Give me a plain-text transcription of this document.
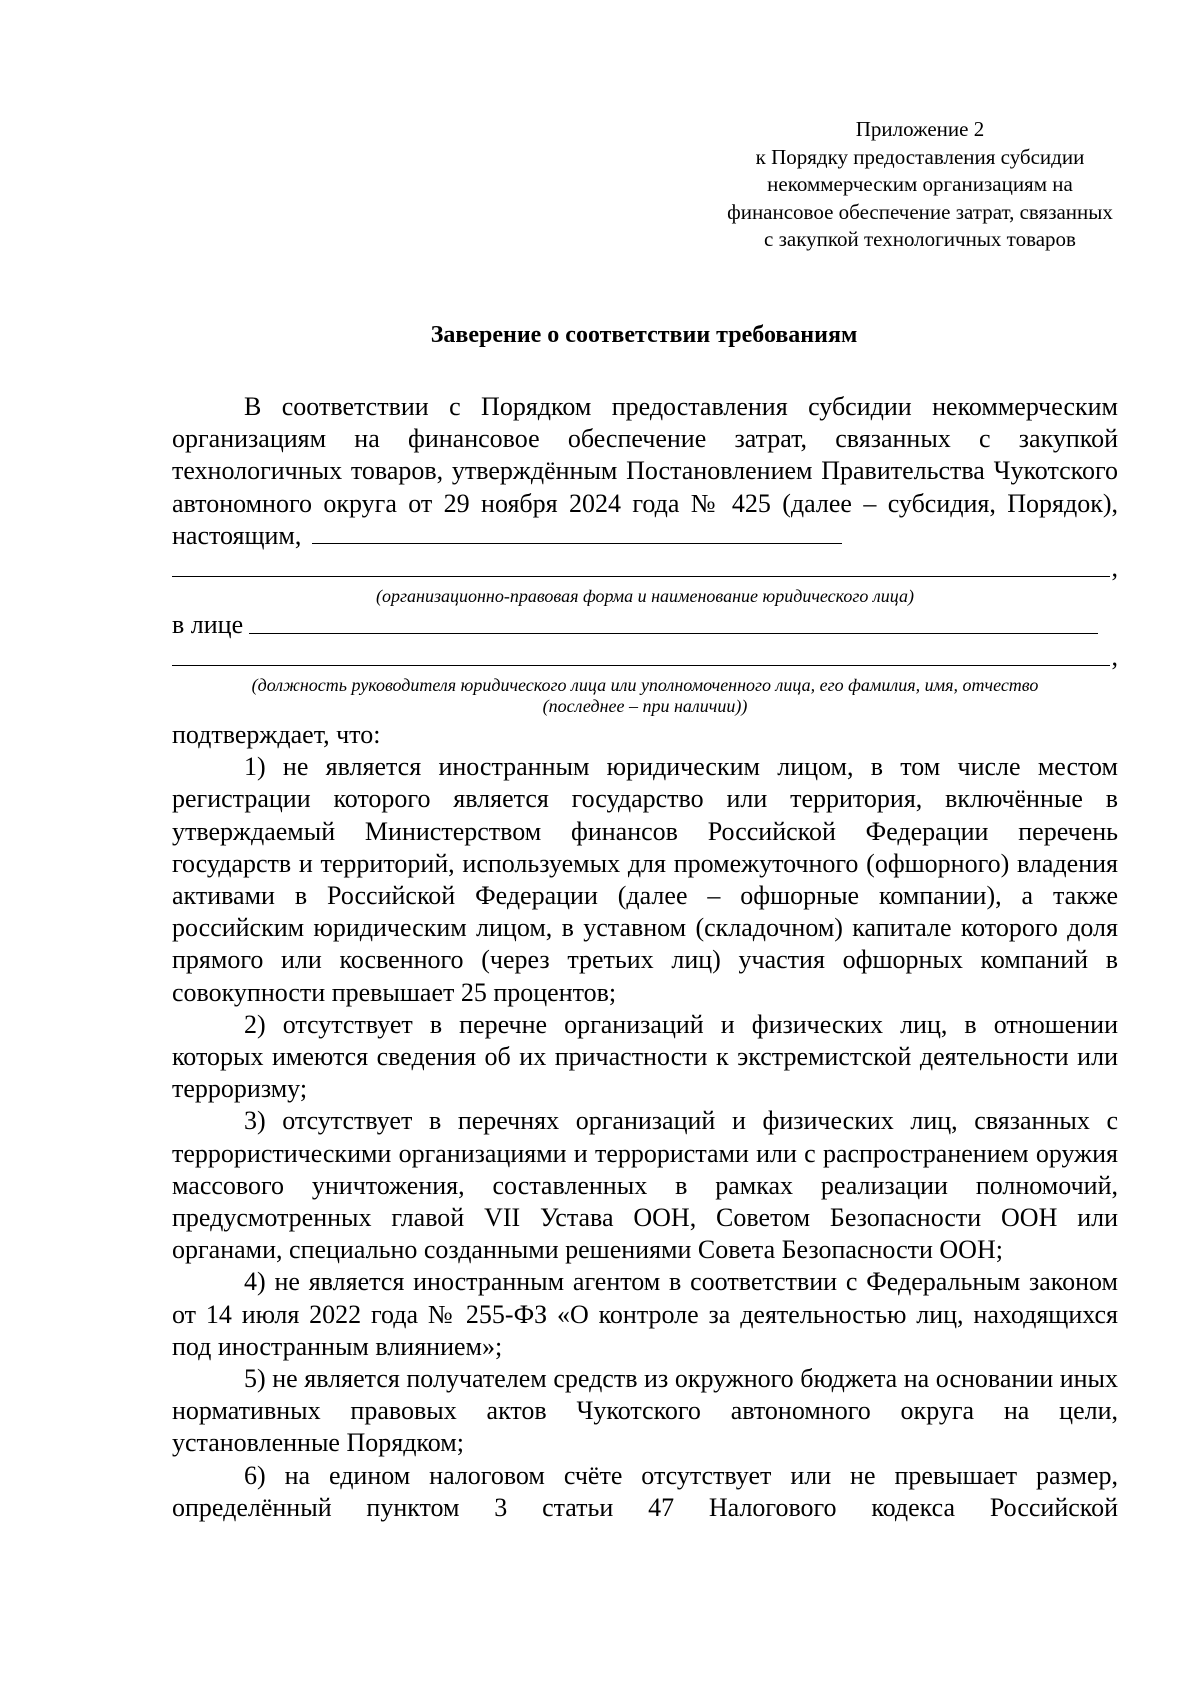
Приложение 2
к Порядку предоставления субсидии
некоммерческим организациям на
финансовое обеспечение затрат, связанных
с закупкой технологичных товаров
Заверение о соответствии требованиям

В соответствии с Порядком предоставления субсидии некоммерческим организациям на финансовое обеспечение затрат, связанных с закупкой технологичных товаров, утверждённым Постановлением Правительства Чукотского автономного округа от 29 ноября 2024 года № 425 (далее – субсидия, Порядок), настоящим,

,
(организационно-правовая форма и наименование юридического лица)
в лице
,
(должность руководителя юридического лица или уполномоченного лица, его фамилия, имя, отчество
(последнее – при наличии))

подтверждает, что:

1) не является иностранным юридическим лицом, в том числе местом регистрации которого является государство или территория, включённые в утверждаемый Министерством финансов Российской Федерации перечень государств и территорий, используемых для промежуточного (офшорного) владения активами в Российской Федерации (далее – офшорные компании), а также российским юридическим лицом, в уставном (складочном) капитале которого доля прямого или косвенного (через третьих лиц) участия офшорных компаний в совокупности превышает 25 процентов;

2) отсутствует в перечне организаций и физических лиц, в отношении которых имеются сведения об их причастности к экстремистской деятельности или терроризму;

3) отсутствует в перечнях организаций и физических лиц, связанных с террористическими организациями и террористами или с распространением оружия массового уничтожения, составленных в рамках реализации полномочий, предусмотренных главой VII Устава ООН, Советом Безопасности ООН или органами, специально созданными решениями Совета Безопасности ООН;

4) не является иностранным агентом в соответствии с Федеральным законом от 14 июля 2022 года № 255-ФЗ «О контроле за деятельностью лиц, находящихся под иностранным влиянием»;

5) не является получателем средств из окружного бюджета на основании иных нормативных правовых актов Чукотского автономного округа на цели, установленные Порядком;

6) на едином налоговом счёте отсутствует или не превышает размер, определённый пунктом 3 статьи 47 Налогового кодекса Российской
